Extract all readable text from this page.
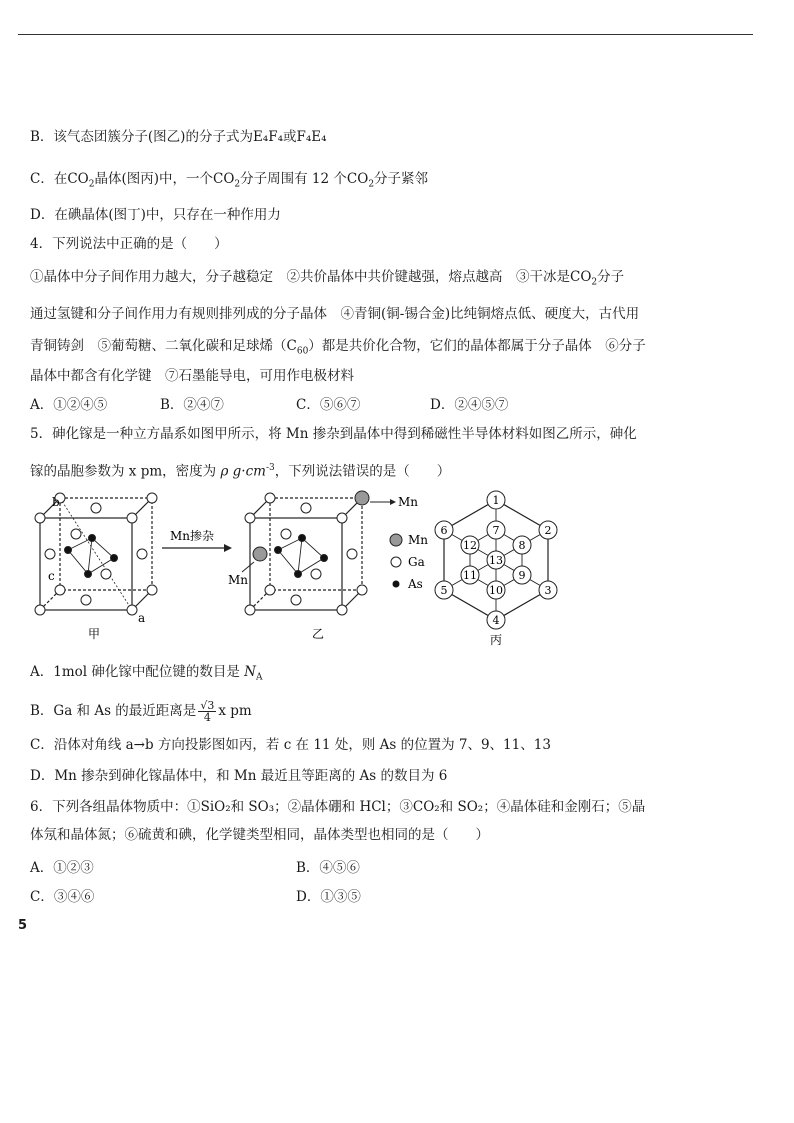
B．该气态团簇分子(图乙)的分子式为E₄F₄或F₄E₄
C．在$CO_2$晶体(图丙)中，一个$CO_2$分子周围有 12 个$CO_2$分子紧邻
D．在碘晶体(图丁)中，只存在一种作用力
4．下列说法中正确的是（　　）
①晶体中分子间作用力越大，分子越稳定　②共价晶体中共价键越强，熔点越高　③干冰是$CO_2$分子
通过氢键和分子间作用力有规则排列成的分子晶体　④青铜(铜-锡合金)比纯铜熔点低、硬度大，古代用
青铜铸剑　⑤葡萄糖、二氧化碳和足球烯$(C_{60})$都是共价化合物，它们的晶体都属于分子晶体　⑥分子
晶体中都含有化学键　⑦石墨能导电，可用作电极材料
A．①②④⑤	B．②④⑦	C．⑤⑥⑦	D．②④⑤⑦
5．砷化镓是一种立方晶系如图甲所示，将 Mn 掺杂到晶体中得到稀磁性半导体材料如图乙所示，砷化
镓的晶胞参数为 x pm，密度为 ρ $g\cdot cm^{-3}$，下列说法错误的是（　　）
b
c
a
甲
Mn掺杂
Mn
Mn
乙
Mn
Ga
As
1
2
3
4
5
6	7
8
9
10
11
12
13
丙
A．1mol 砷化镓中配位键的数目是 $N_A$
B．Ga 和 As 的最近距离是 $\frac{√3}{4}$ x pm
C．沿体对角线 a→b 方向投影图如丙，若 c 在 11 处，则 As 的位置为 7、9、11、13
D．Mn 掺杂到砷化镓晶体中，和 Mn 最近且等距离的 As 的数目为 6
6．下列各组晶体物质中：①SiO₂和 SO₃；②晶体硼和 HCl；③CO₂和 SO₂；④晶体硅和金刚石；⑤晶
体氖和晶体氮；⑥硫黄和碘，化学键类型相同，晶体类型也相同的是（　　）
A．①②③	B．④⑤⑥
C．③④⑥	D．①③⑤
5
